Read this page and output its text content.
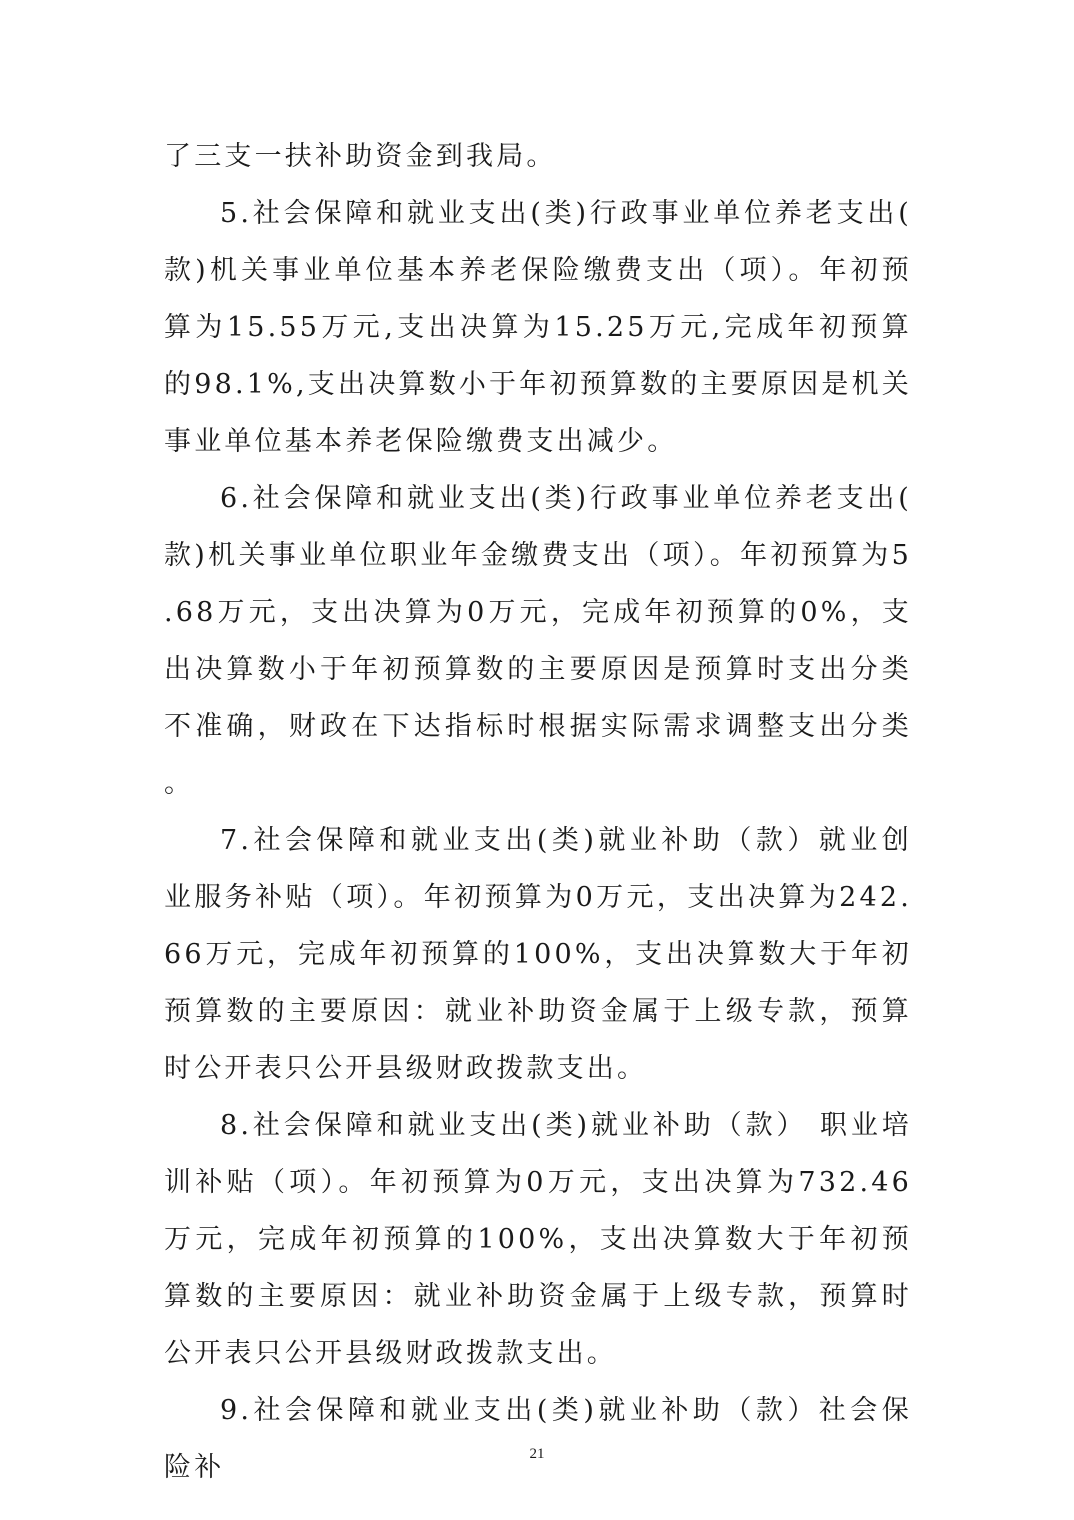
了三支一扶补助资金到我局。

5.社会保障和就业支出(类)行政事业单位养老支出(款)机关事业单位基本养老保险缴费支出（项）。年初预算为15.55万元,支出决算为15.25万元,完成年初预算的98.1%,支出决算数小于年初预算数的主要原因是机关事业单位基本养老保险缴费支出减少。

6.社会保障和就业支出(类)行政事业单位养老支出(款)机关事业单位职业年金缴费支出（项）。年初预算为5.68万元，支出决算为0万元，完成年初预算的0%，支出决算数小于年初预算数的主要原因是预算时支出分类不准确，财政在下达指标时根据实际需求调整支出分类。

7.社会保障和就业支出(类)就业补助（款）就业创业服务补贴（项）。年初预算为0万元，支出决算为242.66万元，完成年初预算的100%，支出决算数大于年初预算数的主要原因：就业补助资金属于上级专款，预算时公开表只公开县级财政拨款支出。

8.社会保障和就业支出(类)就业补助（款） 职业培训补贴（项）。年初预算为0万元，支出决算为732.46万元，完成年初预算的100%，支出决算数大于年初预算数的主要原因：就业补助资金属于上级专款，预算时公开表只公开县级财政拨款支出。

9.社会保障和就业支出(类)就业补助（款）社会保险补	21
